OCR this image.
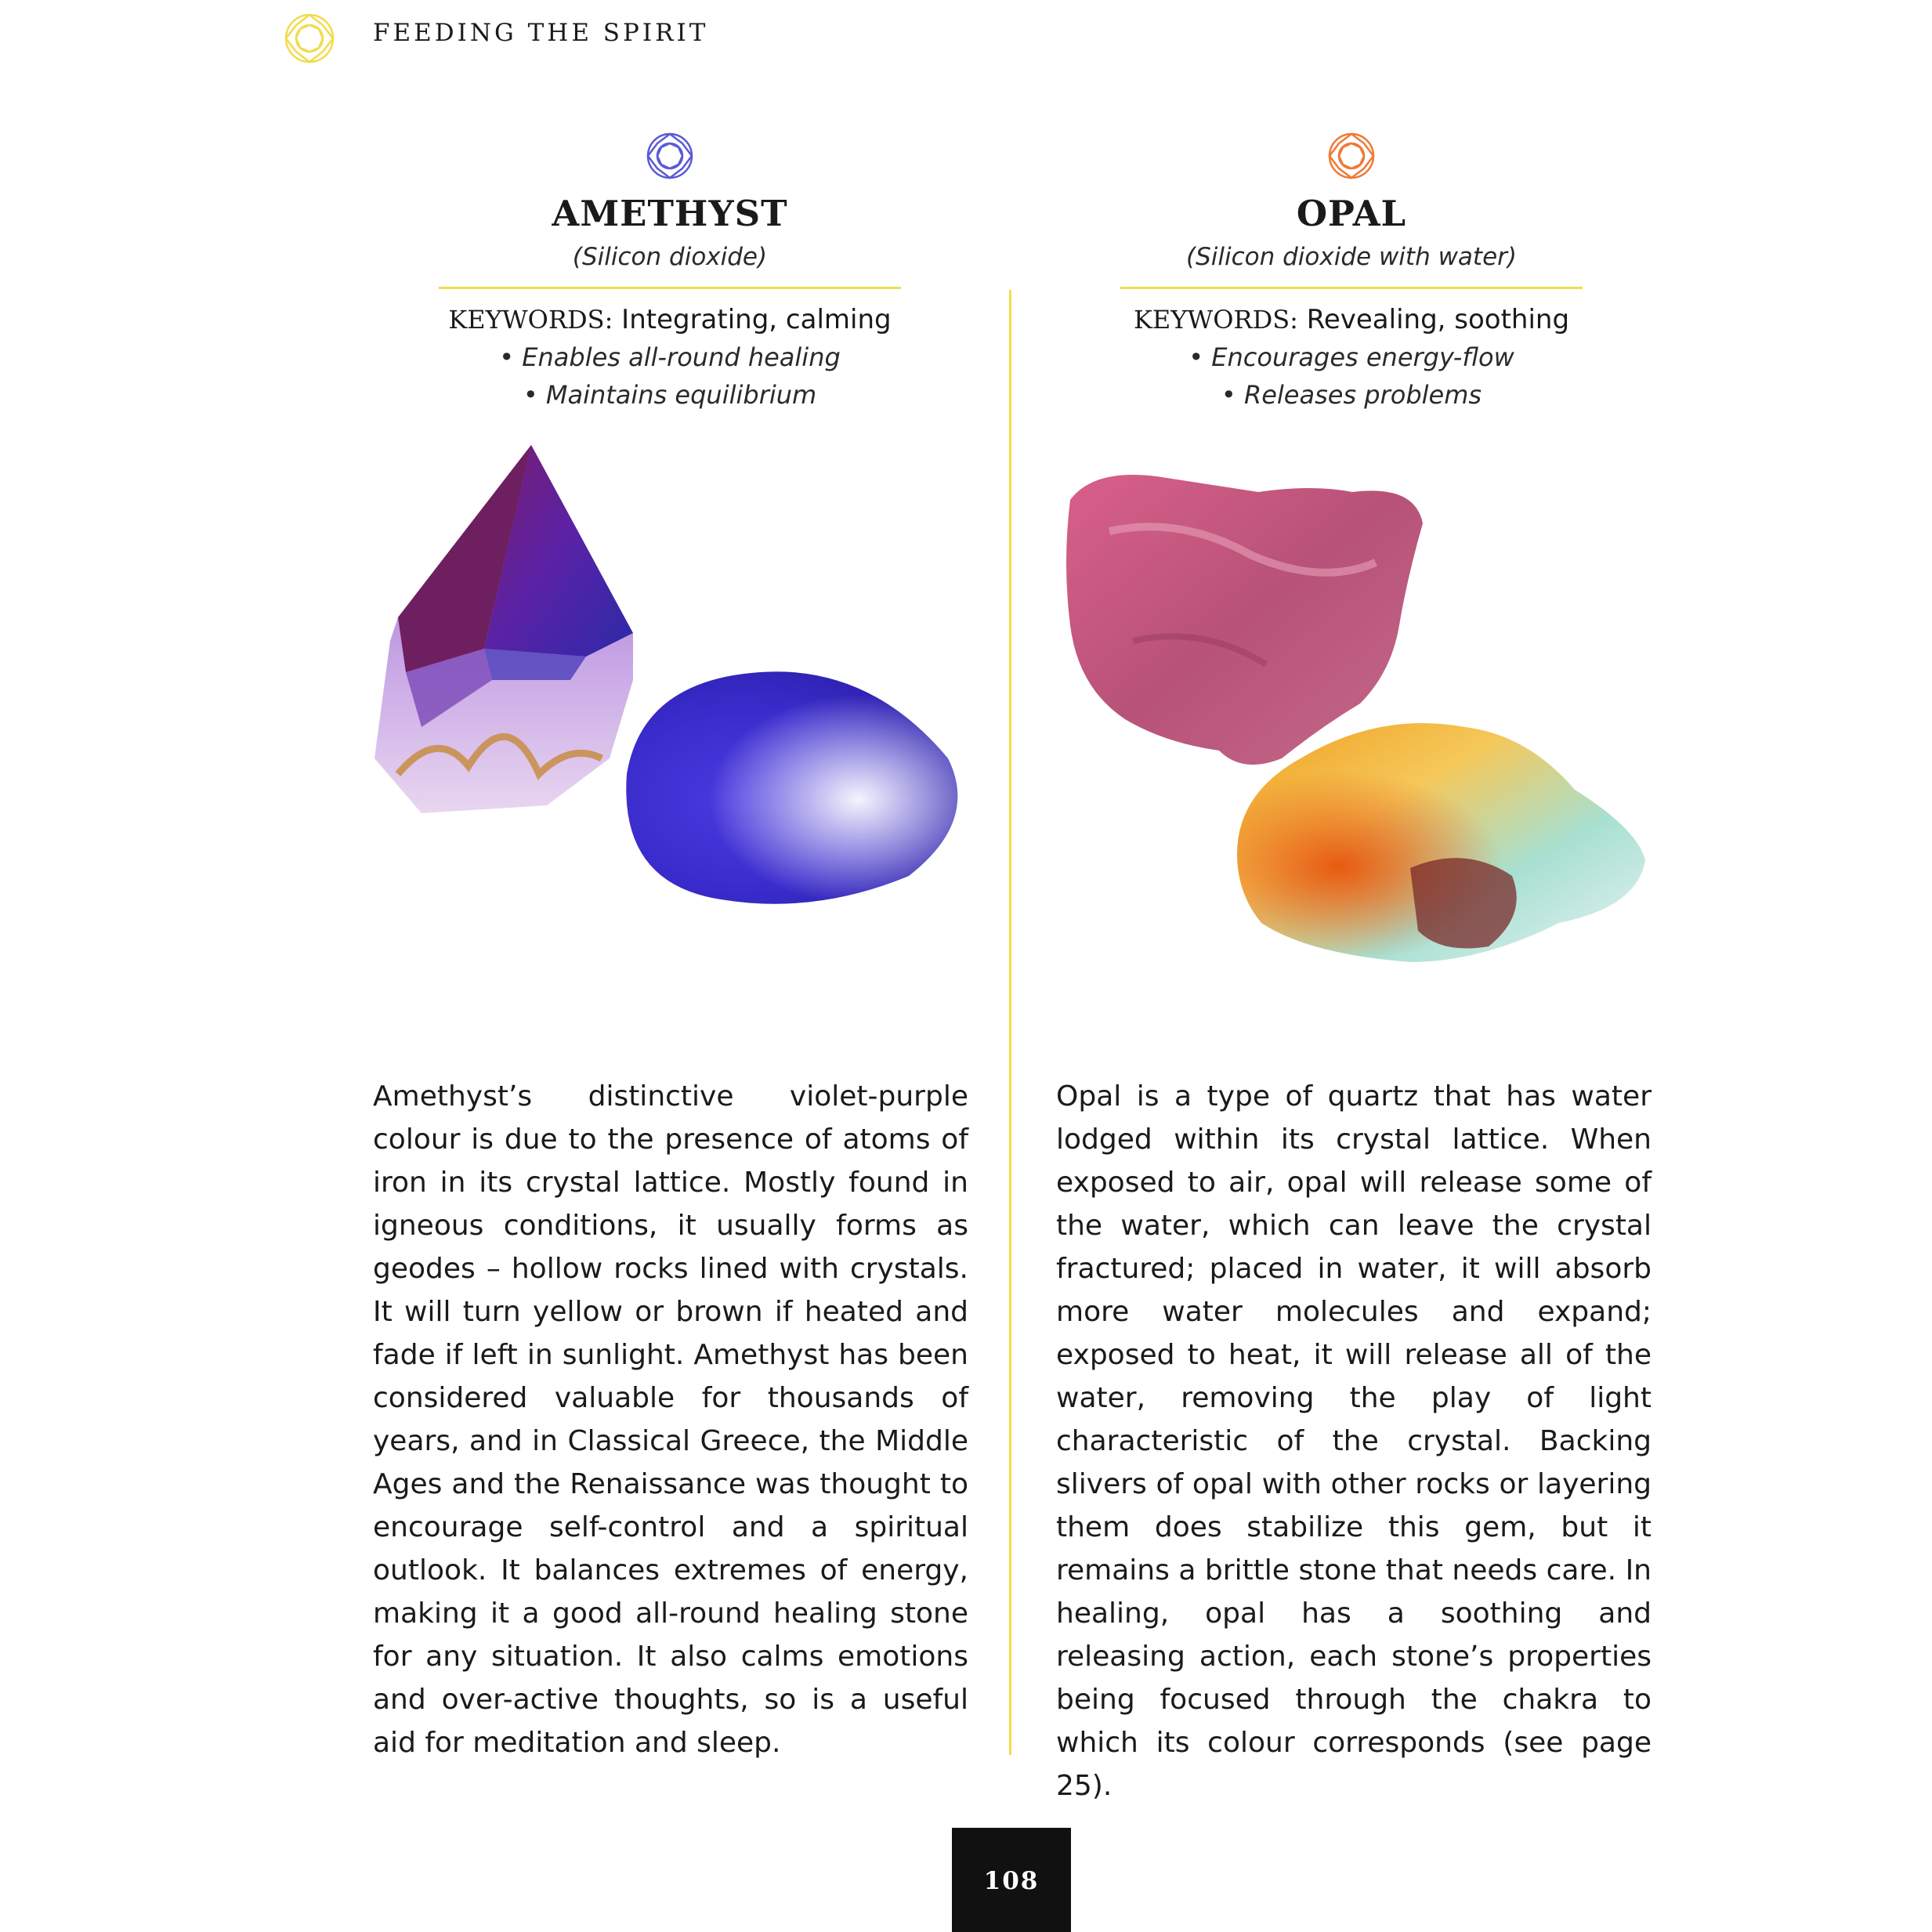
FEEDING THE SPIRIT
AMETHYST
(Silicon dioxide)
KEYWORDS: Integrating, calming
• Enables all-round healing
• Maintains equilibrium
OPAL
(Silicon dioxide with water)
KEYWORDS: Revealing, soothing
• Encourages energy-flow
• Releases problems
Amethyst’s distinctive violet-purple colour is due to the presence of atoms of iron in its crystal lattice. Mostly found in igneous conditions, it usually forms as geodes – hollow rocks lined with crystals. It will turn yellow or brown if heated and fade if left in sunlight. Amethyst has been considered valuable for thousands of years, and in Classical Greece, the Middle Ages and the Renaissance was thought to encourage self-control and a spiritual outlook. It balances extremes of energy, making it a good all-round healing stone for any situation. It also calms emotions and over-active thoughts, so is a useful aid for meditation and sleep.
Opal is a type of quartz that has water lodged within its crystal lattice. When exposed to air, opal will release some of the water, which can leave the crystal fractured; placed in water, it will absorb more water molecules and expand; exposed to heat, it will release all of the water, removing the play of light characteristic of the crystal. Backing slivers of opal with other rocks or layering them does stabilize this gem, but it remains a brittle stone that needs care. In healing, opal has a soothing and releasing action, each stone’s properties being focused through the chakra to which its colour corresponds (see page 25).
108
